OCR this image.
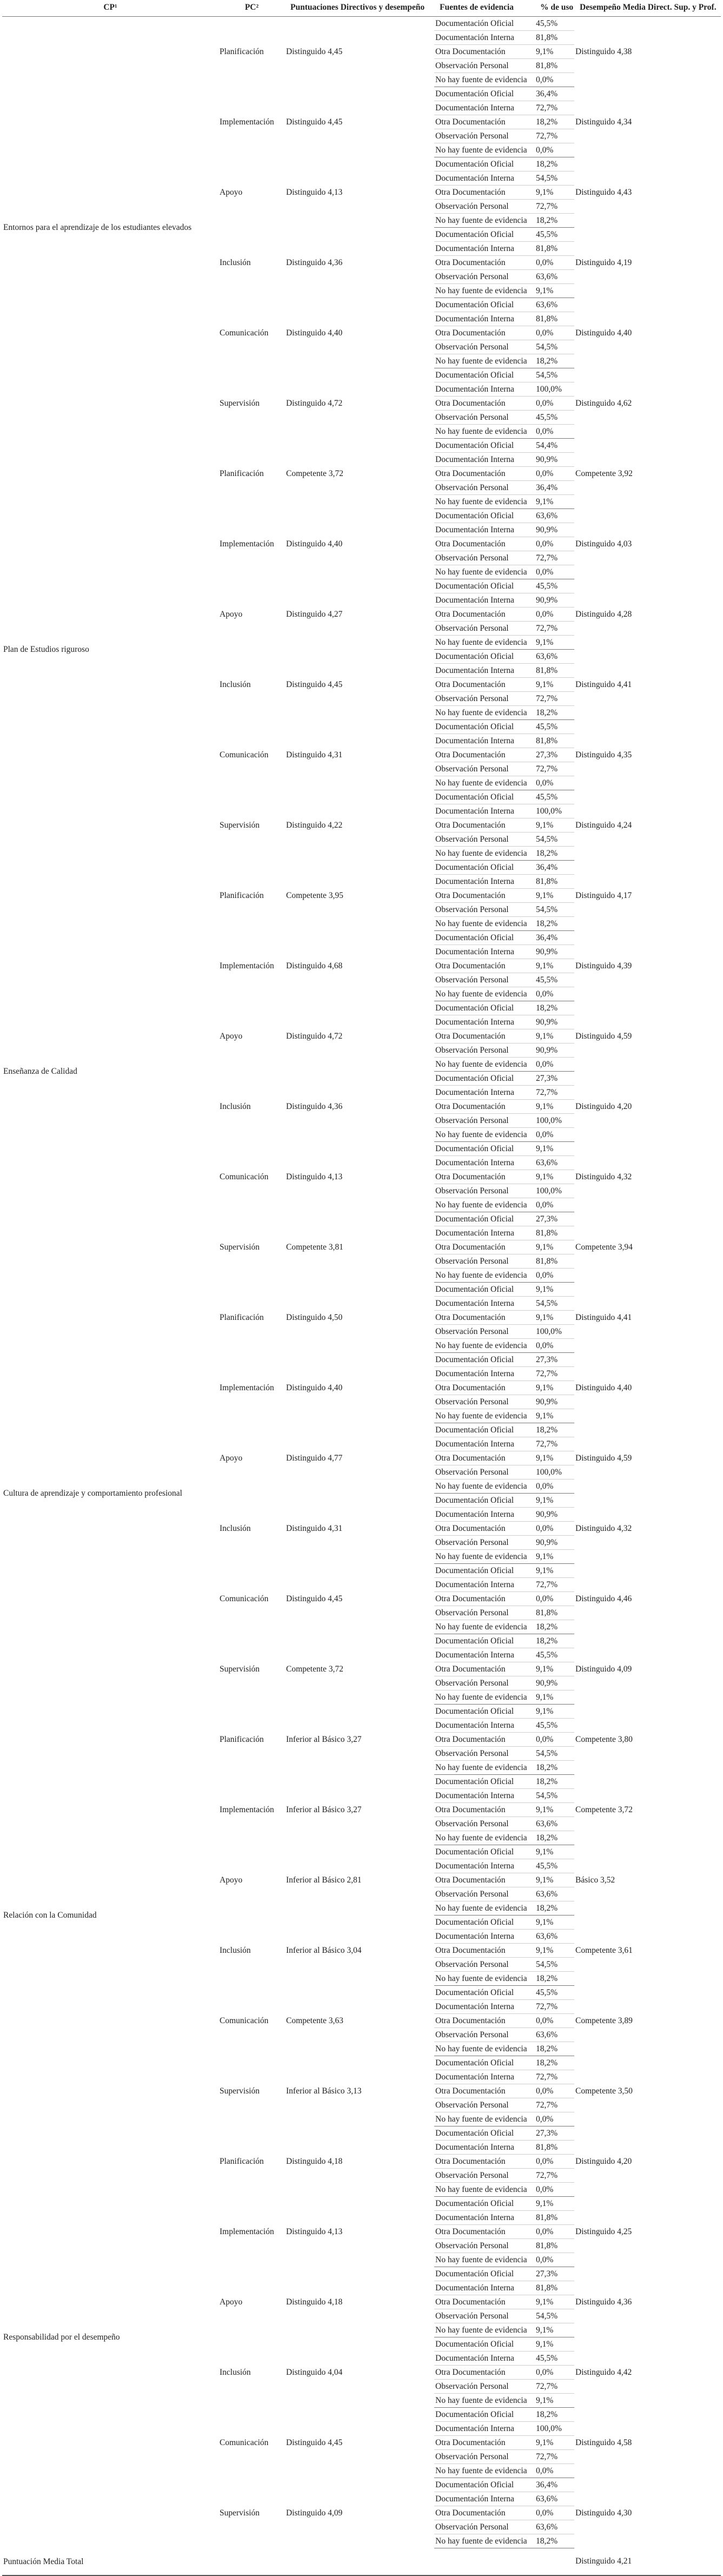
CP¹	PC²	Puntuaciones Directivos y desempeño	Fuentes de evidencia	% de uso	Desempeño Media Direct. Sup. y Prof.
Entornos para el aprendizaje de los estudiantes elevados	Planificación	Distinguido 4,45	Documentación Oficial	45,5%	Distinguido 4,38
			Documentación Interna	81,8%	
			Otra Documentación	9,1%	
			Observación Personal	81,8%	
			No hay fuente de evidencia	0,0%	
	Implementación	Distinguido 4,45	Documentación Oficial	36,4%	Distinguido 4,34
			Documentación Interna	72,7%	
			Otra Documentación	18,2%	
			Observación Personal	72,7%	
			No hay fuente de evidencia	0,0%	
	Apoyo	Distinguido 4,13	Documentación Oficial	18,2%	Distinguido 4,43
			Documentación Interna	54,5%	
			Otra Documentación	9,1%	
			Observación Personal	72,7%	
			No hay fuente de evidencia	18,2%	
	Inclusión	Distinguido 4,36	Documentación Oficial	45,5%	Distinguido 4,19
			Documentación Interna	81,8%	
			Otra Documentación	0,0%	
			Observación Personal	63,6%	
			No hay fuente de evidencia	9,1%	
	Comunicación	Distinguido 4,40	Documentación Oficial	63,6%	Distinguido 4,40
			Documentación Interna	81,8%	
			Otra Documentación	0,0%	
			Observación Personal	54,5%	
			No hay fuente de evidencia	18,2%	
	Supervisión	Distinguido 4,72	Documentación Oficial	54,5%	Distinguido 4,62
			Documentación Interna	100,0%	
			Otra Documentación	0,0%	
			Observación Personal	45,5%	
			No hay fuente de evidencia	0,0%	
Plan de Estudios riguroso	Planificación	Competente 3,72	Documentación Oficial	54,4%	Competente 3,92
			Documentación Interna	90,9%	
			Otra Documentación	0,0%	
			Observación Personal	36,4%	
			No hay fuente de evidencia	9,1%	
	Implementación	Distinguido 4,40	Documentación Oficial	63,6%	Distinguido 4,03
			Documentación Interna	90,9%	
			Otra Documentación	0,0%	
			Observación Personal	72,7%	
			No hay fuente de evidencia	0,0%	
	Apoyo	Distinguido 4,27	Documentación Oficial	45,5%	Distinguido 4,28
			Documentación Interna	90,9%	
			Otra Documentación	0,0%	
			Observación Personal	72,7%	
			No hay fuente de evidencia	9,1%	
	Inclusión	Distinguido 4,45	Documentación Oficial	63,6%	Distinguido 4,41
			Documentación Interna	81,8%	
			Otra Documentación	9,1%	
			Observación Personal	72,7%	
			No hay fuente de evidencia	18,2%	
	Comunicación	Distinguido 4,31	Documentación Oficial	45,5%	Distinguido 4,35
			Documentación Interna	81,8%	
			Otra Documentación	27,3%	
			Observación Personal	72,7%	
			No hay fuente de evidencia	0,0%	
	Supervisión	Distinguido 4,22	Documentación Oficial	45,5%	Distinguido 4,24
			Documentación Interna	100,0%	
			Otra Documentación	9,1%	
			Observación Personal	54,5%	
			No hay fuente de evidencia	18,2%	
Enseñanza de Calidad	Planificación	Competente 3,95	Documentación Oficial	36,4%	Distinguido 4,17
			Documentación Interna	81,8%	
			Otra Documentación	9,1%	
			Observación Personal	54,5%	
			No hay fuente de evidencia	18,2%	
	Implementación	Distinguido 4,68	Documentación Oficial	36,4%	Distinguido 4,39
			Documentación Interna	90,9%	
			Otra Documentación	9,1%	
			Observación Personal	45,5%	
			No hay fuente de evidencia	0,0%	
	Apoyo	Distinguido 4,72	Documentación Oficial	18,2%	Distinguido 4,59
			Documentación Interna	90,9%	
			Otra Documentación	9,1%	
			Observación Personal	90,9%	
			No hay fuente de evidencia	0,0%	
	Inclusión	Distinguido 4,36	Documentación Oficial	27,3%	Distinguido 4,20
			Documentación Interna	72,7%	
			Otra Documentación	9,1%	
			Observación Personal	100,0%	
			No hay fuente de evidencia	0,0%	
	Comunicación	Distinguido 4,13	Documentación Oficial	9,1%	Distinguido 4,32
			Documentación Interna	63,6%	
			Otra Documentación	9,1%	
			Observación Personal	100,0%	
			No hay fuente de evidencia	0,0%	
	Supervisión	Competente 3,81	Documentación Oficial	27,3%	Competente 3,94
			Documentación Interna	81,8%	
			Otra Documentación	9,1%	
			Observación Personal	81,8%	
			No hay fuente de evidencia	0,0%	
Cultura de aprendizaje y comportamiento profesional	Planificación	Distinguido 4,50	Documentación Oficial	9,1%	Distinguido 4,41
			Documentación Interna	54,5%	
			Otra Documentación	9,1%	
			Observación Personal	100,0%	
			No hay fuente de evidencia	0,0%	
	Implementación	Distinguido 4,40	Documentación Oficial	27,3%	Distinguido 4,40
			Documentación Interna	72,7%	
			Otra Documentación	9,1%	
			Observación Personal	90,9%	
			No hay fuente de evidencia	9,1%	
	Apoyo	Distinguido 4,77	Documentación Oficial	18,2%	Distinguido 4,59
			Documentación Interna	72,7%	
			Otra Documentación	9,1%	
			Observación Personal	100,0%	
			No hay fuente de evidencia	0,0%	
	Inclusión	Distinguido 4,31	Documentación Oficial	9,1%	Distinguido 4,32
			Documentación Interna	90,9%	
			Otra Documentación	0,0%	
			Observación Personal	90,9%	
			No hay fuente de evidencia	9,1%	
	Comunicación	Distinguido 4,45	Documentación Oficial	9,1%	Distinguido 4,46
			Documentación Interna	72,7%	
			Otra Documentación	0,0%	
			Observación Personal	81,8%	
			No hay fuente de evidencia	18,2%	
	Supervisión	Competente 3,72	Documentación Oficial	18,2%	Distinguido 4,09
			Documentación Interna	45,5%	
			Otra Documentación	9,1%	
			Observación Personal	90,9%	
			No hay fuente de evidencia	9,1%	
Relación con la Comunidad	Planificación	Inferior al Básico 3,27	Documentación Oficial	9,1%	Competente 3,80
			Documentación Interna	45,5%	
			Otra Documentación	0,0%	
			Observación Personal	54,5%	
			No hay fuente de evidencia	18,2%	
	Implementación	Inferior al Básico 3,27	Documentación Oficial	18,2%	Competente 3,72
			Documentación Interna	54,5%	
			Otra Documentación	9,1%	
			Observación Personal	63,6%	
			No hay fuente de evidencia	18,2%	
	Apoyo	Inferior al Básico 2,81	Documentación Oficial	9,1%	Básico 3,52
			Documentación Interna	45,5%	
			Otra Documentación	9,1%	
			Observación Personal	63,6%	
			No hay fuente de evidencia	18,2%	
	Inclusión	Inferior al Básico 3,04	Documentación Oficial	9,1%	Competente 3,61
			Documentación Interna	63,6%	
			Otra Documentación	9,1%	
			Observación Personal	54,5%	
			No hay fuente de evidencia	18,2%	
	Comunicación	Competente 3,63	Documentación Oficial	45,5%	Competente 3,89
			Documentación Interna	72,7%	
			Otra Documentación	0,0%	
			Observación Personal	63,6%	
			No hay fuente de evidencia	18,2%	
	Supervisión	Inferior al Básico 3,13	Documentación Oficial	18,2%	Competente 3,50
			Documentación Interna	72,7%	
			Otra Documentación	0,0%	
			Observación Personal	72,7%	
			No hay fuente de evidencia	0,0%	
Responsabilidad por el desempeño	Planificación	Distinguido 4,18	Documentación Oficial	27,3%	Distinguido 4,20
			Documentación Interna	81,8%	
			Otra Documentación	0,0%	
			Observación Personal	72,7%	
			No hay fuente de evidencia	0,0%	
	Implementación	Distinguido 4,13	Documentación Oficial	9,1%	Distinguido 4,25
			Documentación Interna	81,8%	
			Otra Documentación	0,0%	
			Observación Personal	81,8%	
			No hay fuente de evidencia	0,0%	
	Apoyo	Distinguido 4,18	Documentación Oficial	27,3%	Distinguido 4,36
			Documentación Interna	81,8%	
			Otra Documentación	9,1%	
			Observación Personal	54,5%	
			No hay fuente de evidencia	9,1%	
	Inclusión	Distinguido 4,04	Documentación Oficial	9,1%	Distinguido 4,42
			Documentación Interna	45,5%	
			Otra Documentación	0,0%	
			Observación Personal	72,7%	
			No hay fuente de evidencia	9,1%	
	Comunicación	Distinguido 4,45	Documentación Oficial	18,2%	Distinguido 4,58
			Documentación Interna	100,0%	
			Otra Documentación	9,1%	
			Observación Personal	72,7%	
			No hay fuente de evidencia	0,0%	
	Supervisión	Distinguido 4,09	Documentación Oficial	36,4%	Distinguido 4,30
			Documentación Interna	63,6%	
			Otra Documentación	0,0%	
			Observación Personal	63,6%	
			No hay fuente de evidencia	18,2%	
Puntuación Media Total					Distinguido 4,21
